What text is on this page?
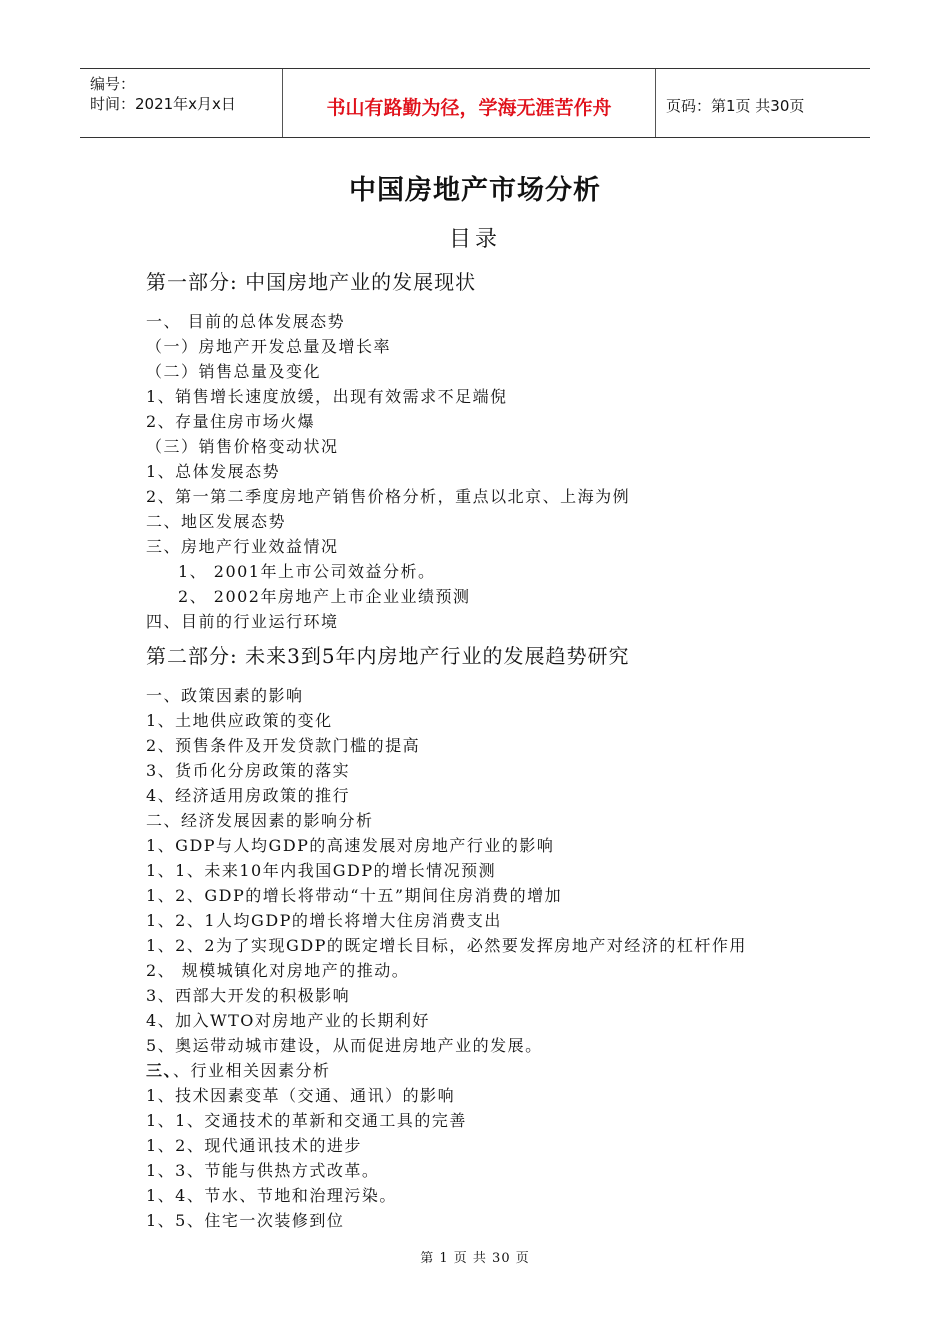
编号：
时间：2021年x月x日	书山有路勤为径，学海无涯苦作舟	页码：第1页 共30页
中国房地产市场分析
目录
第一部分: 中国房地产业的发展现状
一、 目前的总体发展态势
（一）房地产开发总量及增长率
（二）销售总量及变化
1、销售增长速度放缓，出现有效需求不足端倪
2、存量住房市场火爆
（三）销售价格变动状况
1、总体发展态势
2、第一第二季度房地产销售价格分析，重点以北京、上海为例
二、地区发展态势
三、房地产行业效益情况
1、 2001年上市公司效益分析。
2、 2002年房地产上市企业业绩预测
四、目前的行业运行环境
第二部分: 未来3到5年内房地产行业的发展趋势研究
一、政策因素的影响
1、土地供应政策的变化
2、预售条件及开发贷款门槛的提高
3、货币化分房政策的落实
4、经济适用房政策的推行
二、经济发展因素的影响分析
1、GDP与人均GDP的高速发展对房地产行业的影响
1、1、未来10年内我国GDP的增长情况预测
1、2、GDP的增长将带动“十五”期间住房消费的增加
1、2、1人均GDP的增长将增大住房消费支出
1、2、2为了实现GDP的既定增长目标，必然要发挥房地产对经济的杠杆作用
2、 规模城镇化对房地产的推动。
3、西部大开发的积极影响
4、加入WTO对房地产业的长期利好
5、奥运带动城市建设，从而促进房地产业的发展。
三、、行业相关因素分析
1、技术因素变革（交通、通讯）的影响
1、1、交通技术的革新和交通工具的完善
1、2、现代通讯技术的进步
1、3、节能与供热方式改革。
1、4、节水、节地和治理污染。
1、5、住宅一次装修到位
第 1 页 共 30 页
